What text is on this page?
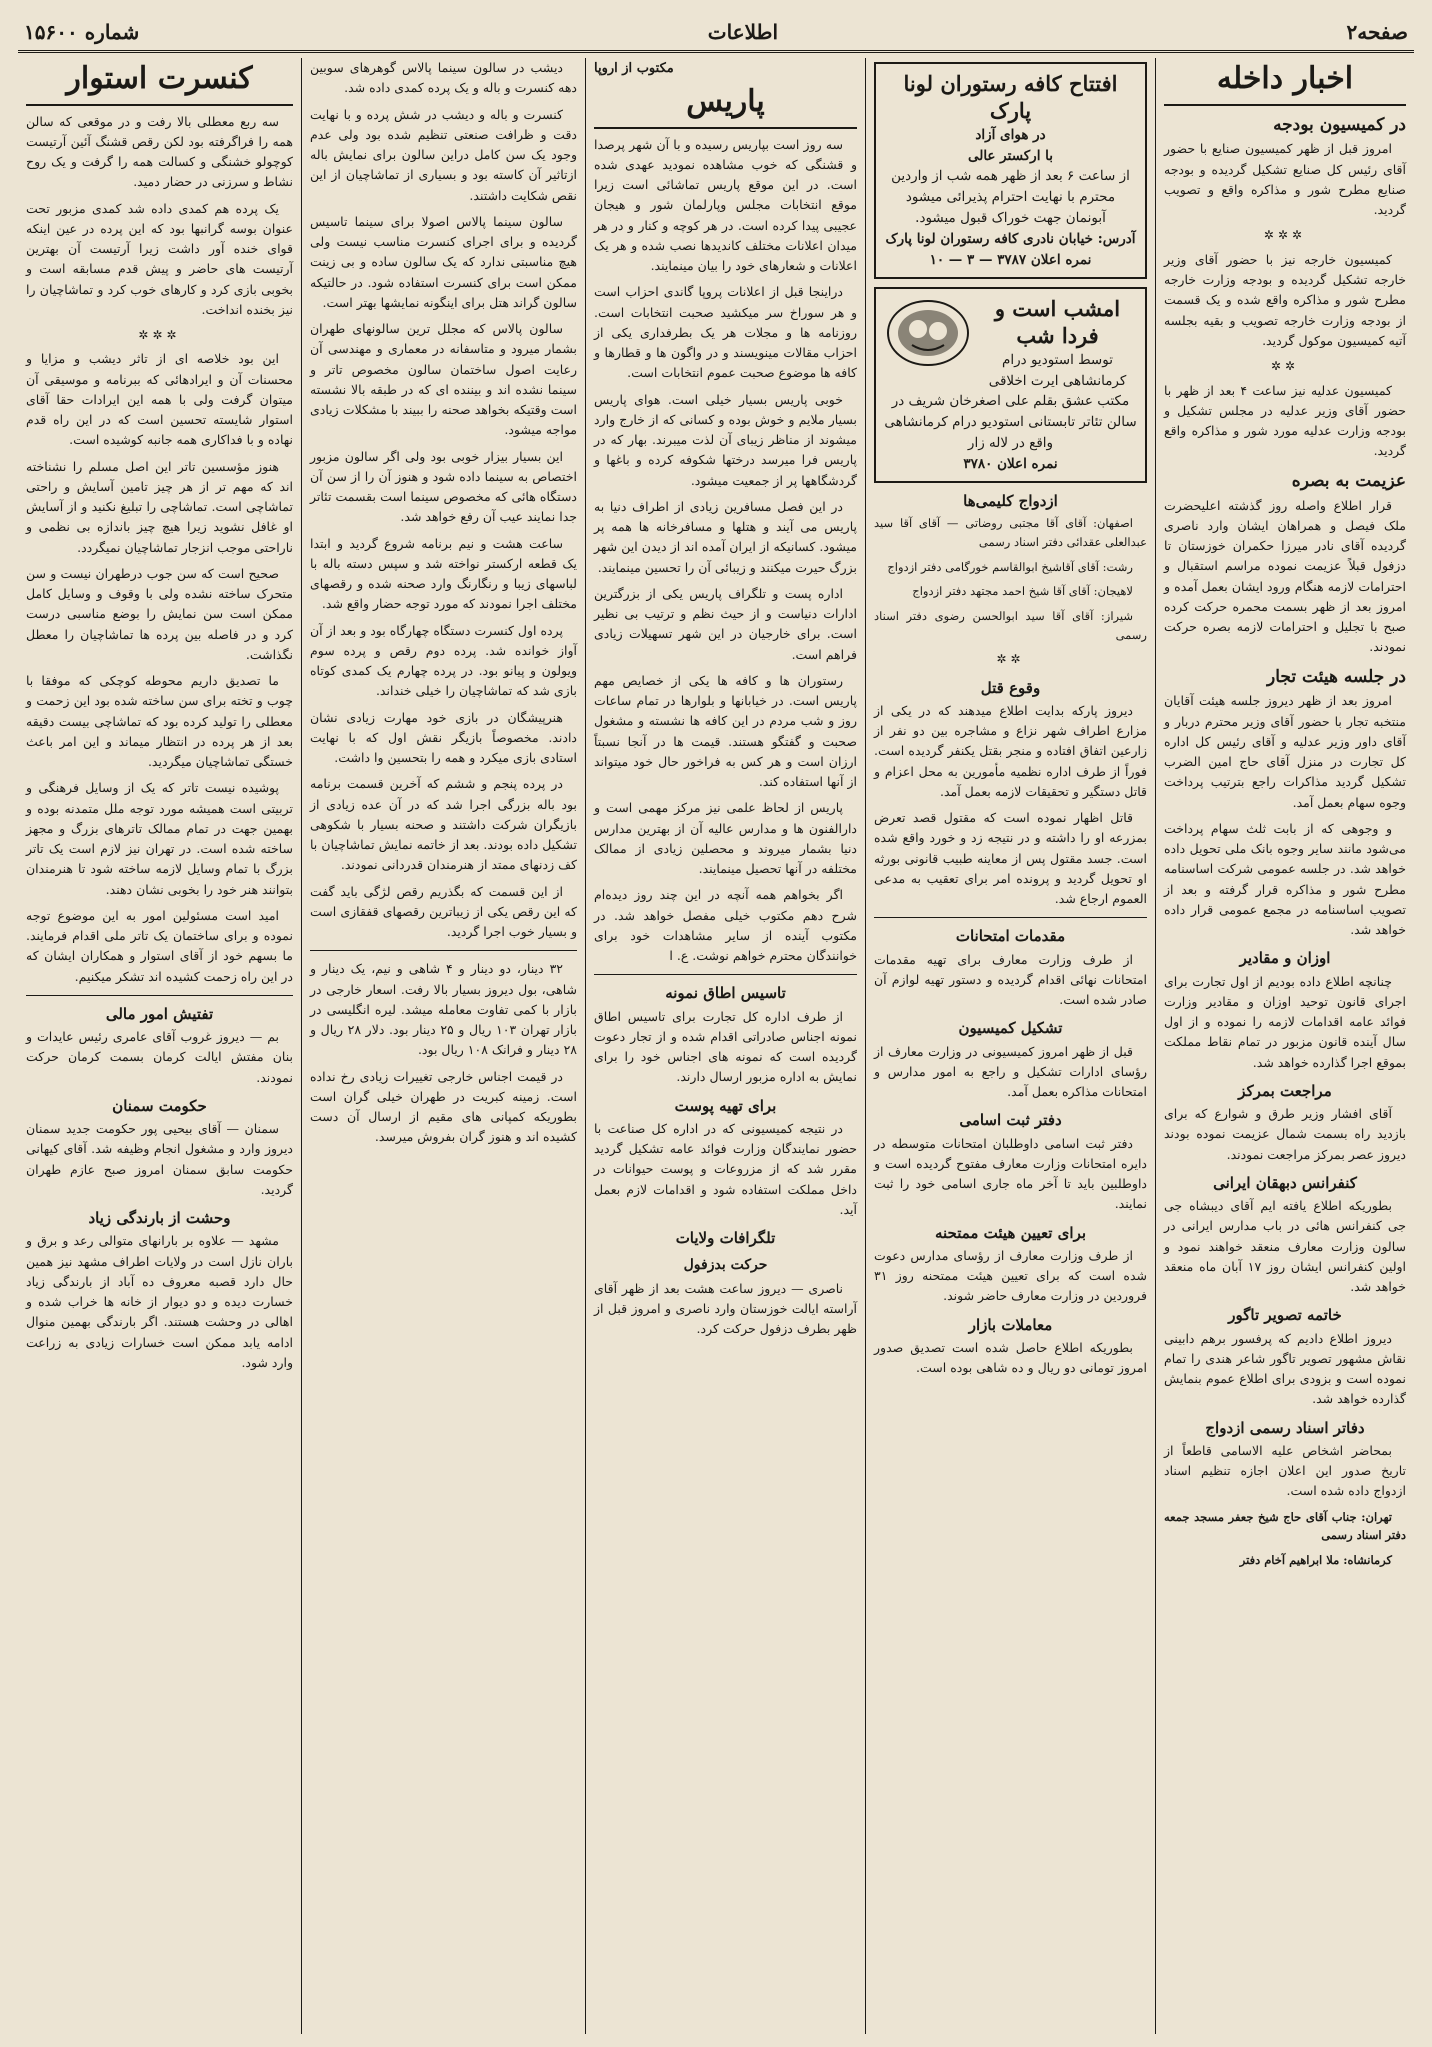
صفحه۲
اطلاعات
شماره ۱۵۶۰۰
اخبار داخله
در کمیسیون بودجه

امروز قبل از ظهر کمیسیون صنایع با حضور آقای رئیس کل صنایع تشکیل گردیده و بودجه صنایع مطرح شور و مذاکره واقع و تصویب گردید.

✲✲✲

کمیسیون خارجه نیز با حضور آقای وزیر خارجه تشکیل گردیده و بودجه وزارت خارجه مطرح شور و مذاکره واقع شده و یک قسمت از بودجه وزارت خارجه تصویب و بقیه بجلسه آتیه کمیسیون موکول گردید.

✲✲

کمیسیون عدلیه نیز ساعت ۴ بعد از ظهر با حضور آقای وزیر عدلیه در مجلس تشکیل و بودجه وزارت عدلیه مورد شور و مذاکره واقع گردید.

عزیمت به بصره

قرار اطلاع واصله روز گذشته اعلیحضرت ملک فیصل و همراهان ایشان وارد ناصری گردیده آقای نادر میرزا حکمران خوزستان تا دزفول قبلاً عزیمت نموده مراسم استقبال و احترامات لازمه هنگام ورود ایشان بعمل آمده و امروز بعد از ظهر بسمت محمره حرکت کرده صبح با تجلیل و احترامات لازمه بصره حرکت نمودند.

در جلسه هیئت تجار

امروز بعد از ظهر دیروز جلسه هیئت آقایان منتخبه تجار با حضور آقای وزیر محترم دربار و آقای داور وزیر عدلیه و آقای رئیس کل اداره کل تجارت در منزل آقای حاج امین الضرب تشکیل گردید مذاکرات راجع بترتیب پرداخت وجوه سهام بعمل آمد.

و وجوهی که از بابت ثلث سهام پرداخت می‌شود مانند سایر وجوه بانک ملی تحویل داده خواهد شد. در جلسه عمومی شرکت اساسنامه مطرح شور و مذاکره قرار گرفته و بعد از تصویب اساسنامه در مجمع عمومی قرار داده خواهد شد.

اوزان و مقادیر

چنانچه اطلاع داده بودیم از اول تجارت برای اجرای قانون توحید اوزان و مقادیر وزارت فوائد عامه اقدامات لازمه را نموده و از اول سال آینده قانون مزبور در تمام نقاط مملکت بموقع اجرا گذارده خواهد شد.

مراجعت بمرکز

آقای افشار وزیر طرق و شوارع که برای بازدید راه بسمت شمال عزیمت نموده بودند دیروز عصر بمرکز مراجعت نمودند.

کنفرانس دبهقان ایرانی

بطوریکه اطلاع یافته ایم آقای دیبشاه جی جی کنفرانس هائی در باب مدارس ایرانی در سالون وزارت معارف منعقد خواهند نمود و اولین کنفرانس ایشان روز ۱۷ آبان ماه منعقد خواهد شد.

خاتمه تصویر تاگور

دیروز اطلاع دادیم که پرفسور برهم دابینی نقاش مشهور تصویر تاگور شاعر هندی را تمام نموده است و بزودی برای اطلاع عموم بنمایش گذارده خواهد شد.

دفاتر اسناد رسمی ازدواج

بمحاضر اشخاص علیه الاسامی قاطعاً از تاریخ صدور این اعلان اجازه تنظیم اسناد ازدواج داده شده است.

تهران: جناب آقای حاج شیخ جعفر مسجد جمعه دفتر اسناد رسمی

کرمانشاه: ملا ابراهیم آخام دفتر

افتتاح کافه رستوران لونا پارک
در هوای آزاد
با ارکستر عالی
از ساعت ۶ بعد از ظهر همه شب از واردین محترم با نهایت احترام پذیرائی میشود آبونمان جهت خوراک قبول میشود.
آدرس: خیابان نادری کافه رستوران لونا پارک
نمره اعلان ۳۷۸۷ — ۳ — ۱۰
امشب است و فردا شب
توسط استودیو درام کرمانشاهی ایرت اخلاقی مکتب عشق بقلم علی اصغرخان شریف در سالن تئاتر تابستانی استودیو درام کرمانشاهی واقع در لاله زار
نمره اعلان ۳۷۸۰
ازدواج کلیمی‌ها

اصفهان: آقای آقا مجتبی روضاتی — آقای آقا سید عبدالعلی عقدائی دفتر اسناد رسمی

رشت: آقای آقاشیخ ابوالقاسم خورگامی دفتر ازدواج

لاهیجان: آقای آقا شیخ احمد مجتهد دفتر ازدواج

شیراز: آقای آقا سید ابوالحسن رضوی دفتر اسناد رسمی

✲✲
وقوع قتل

دیروز پارکه بدایت اطلاع میدهند که در یکی از مزارع اطراف شهر نزاع و مشاجره بین دو نفر از زارعین اتفاق افتاده و منجر بقتل یکنفر گردیده است. فوراً از طرف اداره نظمیه مأمورین به محل اعزام و قاتل دستگیر و تحقیقات لازمه بعمل آمد.

قاتل اظهار نموده است که مقتول قصد تعرض بمزرعه او را داشته و در نتیجه زد و خورد واقع شده است. جسد مقتول پس از معاینه طبیب قانونی بورثه او تحویل گردید و پرونده امر برای تعقیب به مدعی العموم ارجاع شد.

مقدمات امتحانات

از طرف وزارت معارف برای تهیه مقدمات امتحانات نهائی اقدام گردیده و دستور تهیه لوازم آن صادر شده است.

تشکیل کمیسیون

قبل از ظهر امروز کمیسیونی در وزارت معارف از رؤسای ادارات تشکیل و راجع به امور مدارس و امتحانات مذاکره بعمل آمد.

دفتر ثبت اسامی

دفتر ثبت اسامی داوطلبان امتحانات متوسطه در دایره امتحانات وزارت معارف مفتوح گردیده است و داوطلبین باید تا آخر ماه جاری اسامی خود را ثبت نمایند.

برای تعیین هیئت ممتحنه

از طرف وزارت معارف از رؤسای مدارس دعوت شده است که برای تعیین هیئت ممتحنه روز ۳۱ فروردین در وزارت معارف حاضر شوند.

معاملات بازار

بطوریکه اطلاع حاصل شده است تصدیق صدور امروز تومانی دو ریال و ده شاهی بوده است.

مکتوب از اروپا
پاریس

سه روز است بپاریس رسیده و با آن شهر پرصدا و قشنگی که خوب مشاهده نمودید عهدی شده است. در این موقع پاریس تماشائی است زیرا موقع انتخابات مجلس وپارلمان شور و هیجان عجیبی پیدا کرده است. در هر کوچه و کنار و در هر میدان اعلانات مختلف کاندیدها نصب شده و هر یک اعلانات و شعارهای خود را بیان مینمایند.

دراینجا قبل از اعلانات پروپا گاندی احزاب است و هر سوراخ سر میکشید صحبت انتخابات است. روزنامه ها و مجلات هر یک بطرفداری یکی از احزاب مقالات مینویسند و در واگون ها و قطارها و کافه ها موضوع صحبت عموم انتخابات است.

خوبی پاریس بسیار خیلی است. هوای پاریس بسیار ملایم و خوش بوده و کسانی که از خارج وارد میشوند از مناظر زیبای آن لذت میبرند. بهار که در پاریس فرا میرسد درختها شکوفه کرده و باغها و گردشگاهها پر از جمعیت میشود.

در این فصل مسافرین زیادی از اطراف دنیا به پاریس می آیند و هتلها و مسافرخانه ها همه پر میشود. کسانیکه از ایران آمده اند از دیدن این شهر بزرگ حیرت میکنند و زیبائی آن را تحسین مینمایند.

اداره پست و تلگراف پاریس یکی از بزرگترین ادارات دنیاست و از حیث نظم و ترتیب بی نظیر است. برای خارجیان در این شهر تسهیلات زیادی فراهم است.

رستوران ها و کافه ها یکی از خصایص مهم پاریس است. در خیابانها و بلوارها در تمام ساعات روز و شب مردم در این کافه ها نشسته و مشغول صحبت و گفتگو هستند. قیمت ها در آنجا نسبتاً ارزان است و هر کس به فراخور حال خود میتواند از آنها استفاده کند.

پاریس از لحاظ علمی نیز مرکز مهمی است و دارالفنون ها و مدارس عالیه آن از بهترین مدارس دنیا بشمار میروند و محصلین زیادی از ممالک مختلفه در آنها تحصیل مینمایند.

اگر بخواهم همه آنچه در این چند روز دیده‌ام شرح دهم مکتوب خیلی مفصل خواهد شد. در مکتوب آینده از سایر مشاهدات خود برای خوانندگان محترم خواهم نوشت. ع. ا

تاسیس اطاق نمونه

از طرف اداره کل تجارت برای تاسیس اطاق نمونه اجناس صادراتی اقدام شده و از تجار دعوت گردیده است که نمونه های اجناس خود را برای نمایش به اداره مزبور ارسال دارند.

برای تهیه پوست

در نتیجه کمیسیونی که در اداره کل صناعت با حضور نمایندگان وزارت فوائد عامه تشکیل گردید مقرر شد که از مزروعات و پوست حیوانات در داخل مملکت استفاده شود و اقدامات لازم بعمل آید.

تلگرافات ولایات
حرکت بدزفول

ناصری — دیروز ساعت هشت بعد از ظهر آقای آراسته ایالت خوزستان وارد ناصری و امروز قبل از ظهر بطرف دزفول حرکت کرد.

دیشب در سالون سینما پالاس گوهرهای سوبین دهه کنسرت و باله و یک پرده کمدی داده شد.

کنسرت و باله و دیشب در شش پرده و با نهایت دقت و ظرافت صنعتی تنظیم شده بود ولی عدم وجود یک سن کامل دراین سالون برای نمایش باله ازتاثیر آن کاسته بود و بسیاری از تماشاچیان از این نقص شکایت داشتند.

سالون سینما پالاس اصولا برای سینما تاسیس گردیده و برای اجرای کنسرت مناسب نیست ولی هیچ مناسبتی ندارد که یک سالون ساده و بی زینت ممکن است برای کنسرت استفاده شود. در حالتیکه سالون گراند هتل برای اینگونه نمایشها بهتر است.

سالون پالاس که مجلل ترین سالونهای طهران بشمار میرود و متاسفانه در معماری و مهندسی آن رعایت اصول ساختمان سالون مخصوص تاتر و سینما نشده اند و بیننده ای که در طبقه بالا نشسته است وقتیکه بخواهد صحنه را ببیند با مشکلات زیادی مواجه میشود.

این بسیار بیزار خوبی بود ولی اگر سالون مزبور اختصاص به سینما داده شود و هنوز آن را از سن آن دستگاه هائی که مخصوص سینما است بقسمت تئاتر جدا نمایند عیب آن رفع خواهد شد.

ساعت هشت و نیم برنامه شروع گردید و ابتدا یک قطعه ارکستر نواخته شد و سپس دسته باله با لباسهای زیبا و رنگارنگ وارد صحنه شده و رقصهای مختلف اجرا نمودند که مورد توجه حضار واقع شد.

پرده اول کنسرت دستگاه چهارگاه بود و بعد از آن آواز خوانده شد. پرده دوم رقص و پرده سوم ویولون و پیانو بود. در پرده چهارم یک کمدی کوتاه بازی شد که تماشاچیان را خیلی خنداند.

هنرپیشگان در بازی خود مهارت زیادی نشان دادند. مخصوصاً بازیگر نقش اول که با نهایت استادی بازی میکرد و همه را بتحسین وا داشت.

در پرده پنجم و ششم که آخرین قسمت برنامه بود باله بزرگی اجرا شد که در آن عده زیادی از بازیگران شرکت داشتند و صحنه بسیار با شکوهی تشکیل داده بودند. بعد از خاتمه نمایش تماشاچیان با کف زدنهای ممتد از هنرمندان قدردانی نمودند.

از این قسمت که بگذریم رقص لژگی باید گفت که این رقص یکی از زیباترین رقصهای قفقازی است و بسیار خوب اجرا گردید.

۳۲ دینار، دو دینار و ۴ شاهی و نیم، یک دینار و شاهی، بول دیروز بسیار بالا رفت. اسعار خارجی در بازار با کمی تفاوت معامله میشد. لیره انگلیسی در بازار تهران ۱۰۳ ریال و ۲۵ دینار بود. دلار ۲۸ ریال و ۲۸ دینار و فرانک ۱۰۸ ریال بود.

در قیمت اجناس خارجی تغییرات زیادی رخ نداده است. زمینه کبریت در طهران خیلی گران است بطوریکه کمپانی های مقیم از ارسال آن دست کشیده اند و هنوز گران بفروش میرسد.

کنسرت استوار

سه ربع معطلی بالا رفت و در موقعی که سالن همه را فراگرفته بود لکن رقص قشنگ آئین آرتیست کوچولو خشنگی و کسالت همه را گرفت و یک روح نشاط و سرزنی در حضار دمید.

یک پرده هم کمدی داده شد کمدی مزبور تحت عنوان بوسه گرانبها بود که این پرده در عین اینکه قوای خنده آور داشت زیرا آرتیست آن بهترین آرتیست های حاضر و پیش قدم مسابقه است و بخوبی بازی کرد و کارهای خوب کرد و تماشاچیان را نیز بخنده انداخت.

✲✲✲

این بود خلاصه ای از تاثر دیشب و مزایا و محسنات آن و ایرادهائی که ببرنامه و موسیقی آن میتوان گرفت ولی با همه این ایرادات حقا آقای استوار شایسته تحسین است که در این راه قدم نهاده و با فداکاری همه جانبه کوشیده است.

هنوز مؤسسین تاتر این اصل مسلم را نشناخته اند که مهم تر از هر چیز تامین آسایش و راحتی تماشاچی است. تماشاچی را تبلیغ نکنید و از آسایش او غافل نشوید زیرا هیچ چیز باندازه بی نظمی و ناراحتی موجب انزجار تماشاچیان نمیگردد.

صحیح است که سن جوب درطهران نیست و سن متحرک ساخته نشده ولی با وقوف و وسایل کامل ممکن است سن نمایش را بوضع مناسبی درست کرد و در فاصله بین پرده ها تماشاچیان را معطل نگذاشت.

ما تصدیق داریم محوطه کوچکی که موفقا با چوب و تخته برای سن ساخته شده بود این زحمت و معطلی را تولید کرده بود که تماشاچی بیست دقیقه بعد از هر پرده در انتظار میماند و این امر باعث خستگی تماشاچیان میگردید.

پوشیده نیست تاتر که یک از وسایل فرهنگی و تربیتی است همیشه مورد توجه ملل متمدنه بوده و بهمین جهت در تمام ممالک تاترهای بزرگ و مجهز ساخته شده است. در تهران نیز لازم است یک تاتر بزرگ با تمام وسایل لازمه ساخته شود تا هنرمندان بتوانند هنر خود را بخوبی نشان دهند.

امید است مسئولین امور به این موضوع توجه نموده و برای ساختمان یک تاتر ملی اقدام فرمایند. ما بسهم خود از آقای استوار و همکاران ایشان که در این راه زحمت کشیده اند تشکر میکنیم.

تفتیش امور مالی

بم — دیروز غروب آقای عامری رئیس عایدات و بنان مفتش ایالت کرمان بسمت کرمان حرکت نمودند.

حکومت سمنان

سمنان — آقای بیحیی پور حکومت جدید سمنان دیروز وارد و مشغول انجام وظیفه شد. آقای کیهانی حکومت سابق سمنان امروز صبح عازم طهران گردید.

وحشت از بارندگی زیاد

مشهد — علاوه بر بارانهای متوالی رعد و برق و باران نازل است در ولایات اطراف مشهد نیز همین حال دارد قصبه معروف ده آباد از بارندگی زیاد خسارت دیده و دو دیوار از خانه ها خراب شده و اهالی در وحشت هستند. اگر بارندگی بهمین منوال ادامه یابد ممکن است خسارات زیادی به زراعت وارد شود.
